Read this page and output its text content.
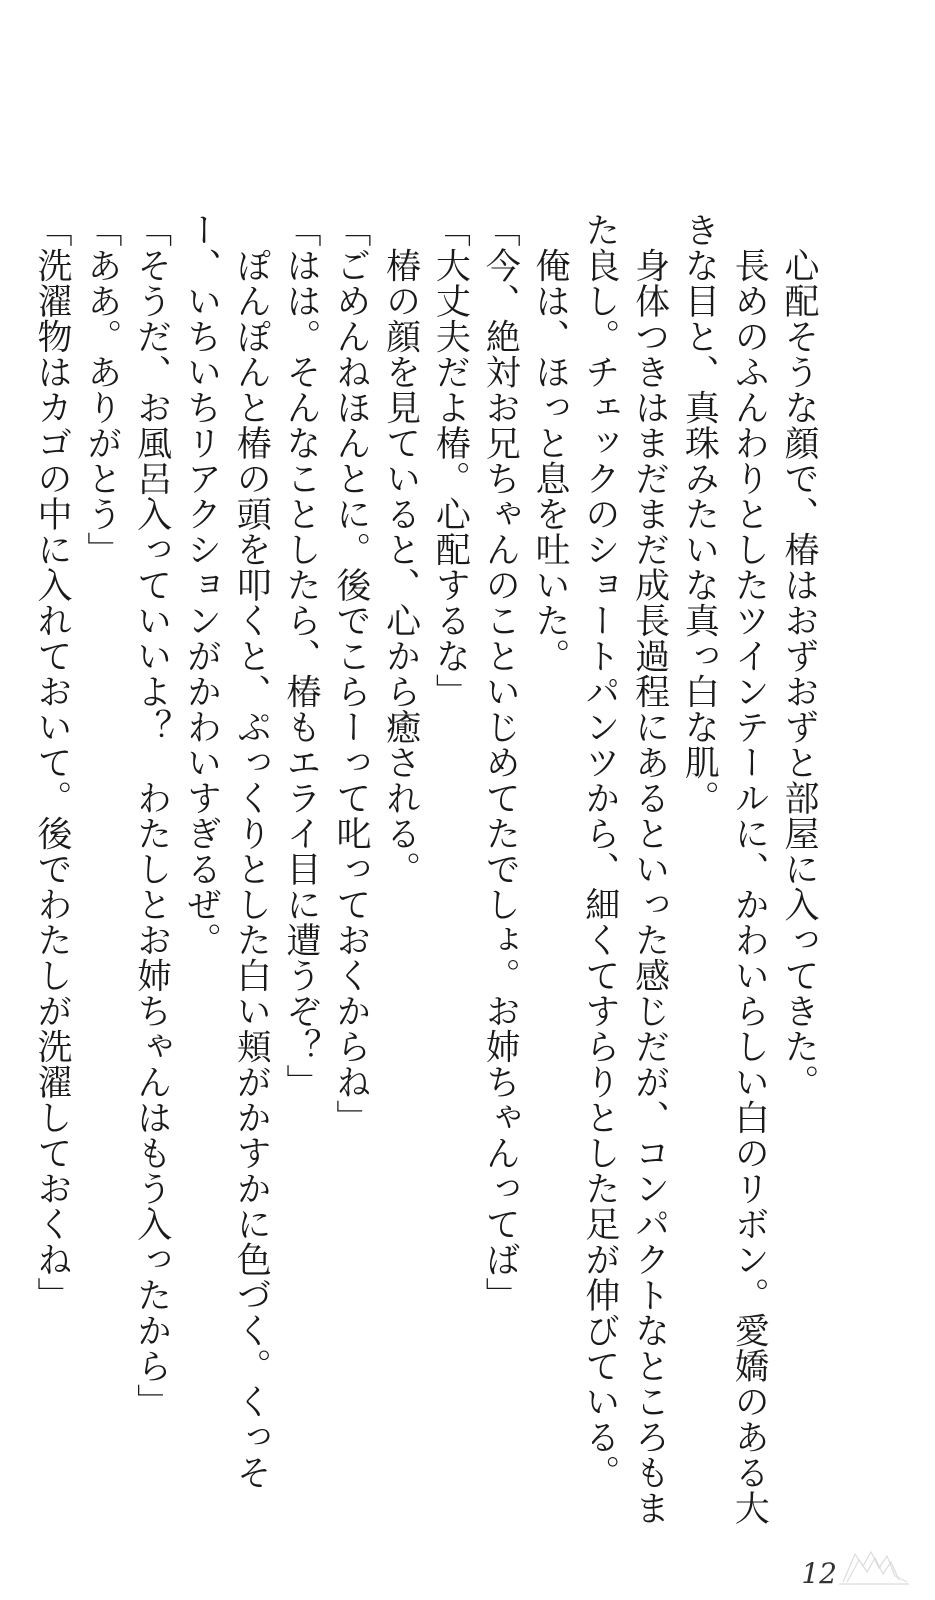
　心配そうな顔で、椿はおずおずと部屋に入ってきた。

　長めのふんわりとしたツインテールに、かわいらしい白のリボン。愛嬌のある大きな目と、真珠みたいな真っ白な肌。

　身体つきはまだまだ成長過程にあるといった感じだが、コンパクトなところもまた良し。チェックのショートパンツから、細くてすらりとした足が伸びている。

　俺は、ほっと息を吐いた。

「今、絶対お兄ちゃんのこといじめてたでしょ。お姉ちゃんってば」

「大丈夫だよ椿。心配するな」

　椿の顔を見ていると、心から癒される。

「ごめんねほんとに。後でこらーって叱っておくからね」

「はは。そんなことしたら、椿もエライ目に遭うぞ？」

　ぽんぽんと椿の頭を叩くと、ぷっくりとした白い頬がかすかに色づく。くっそー、いちいちリアクションがかわいすぎるぜ。

「そうだ、お風呂入っていいよ？　わたしとお姉ちゃんはもう入ったから」

「ああ。ありがとう」

「洗濯物はカゴの中に入れておいて。後でわたしが洗濯しておくね」

12
